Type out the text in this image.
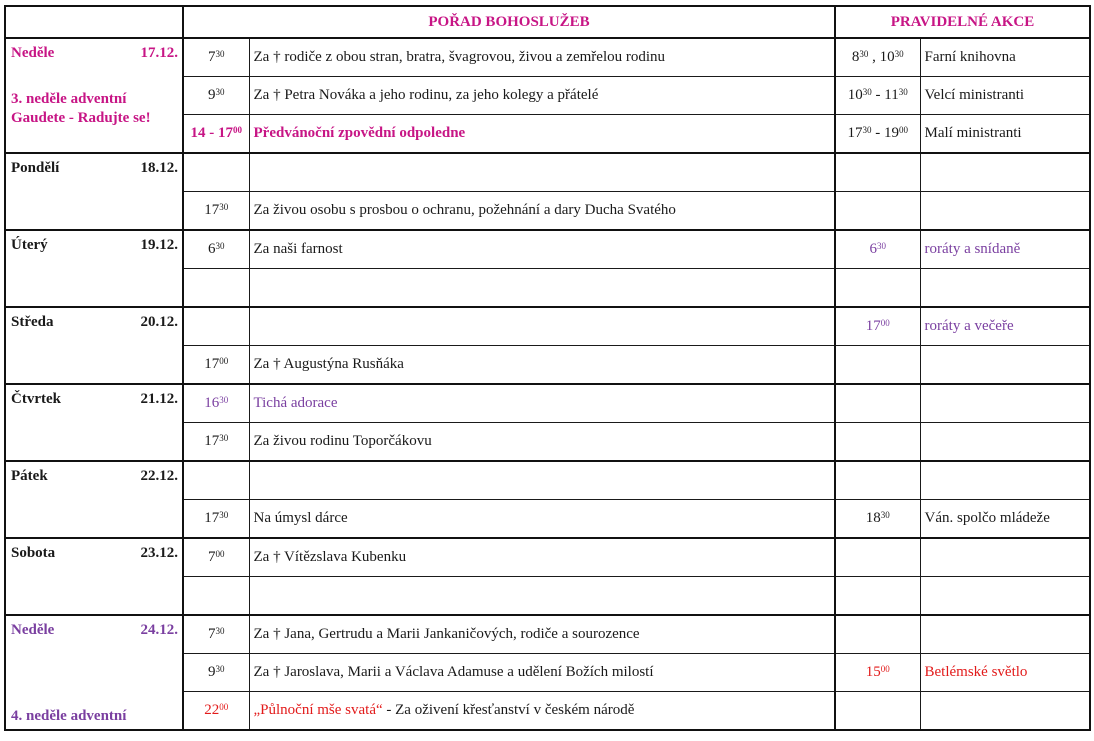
	POŘAD BOHOSLUŽEB		PRAVIDELNÉ AKCE	

Neděle 17.12.
3. neděle adventní
Gaudete - Radujte se!	$7^{30}$	Za † rodiče z obou stran, bratra, švagrovou, živou a zemřelou rodinu	$8^{30}$ , $10^{30}$	Farní knihovna
	$9^{30}$	Za † Petra Nováka a jeho rodinu, za jeho kolegy a přátelé	$10^{30} - 11^{30}$	Velcí ministranti
	$14 - 17^{00}$	Předvánoční zpovědní odpoledne	$17^{30} - 19^{00}$	Malí ministranti

Pondělí 18.12.				

	$17^{30}$	Za živou osobu s prosbou o ochranu, požehnání a dary Ducha Svatého		

Úterý 19.12.	$6^{30}$	Za naši farnost	$6^{30}$	roráty a snídaně

Středa 20.12.			$17^{00}$	roráty a večeře
	$17^{00}$	Za † Augustýna Rusňáka		

Čtvrtek 21.12.	$16^{30}$	Tichá adorace		
	$17^{30}$	Za živou rodinu Toporčákovu		

Pátek 22.12.				

	$17^{30}$	Na úmysl dárce	$18^{30}$	Ván. spolčo mládeže

Sobota 23.12.	$7^{00}$	Za † Vítězslava Kubenku		

Neděle 24.12.
4. neděle adventní	$7^{30}$	Za † Jana, Gertrudu a Marii Jankaničových, rodiče a sourozence		
	$9^{30}$	Za † Jaroslava, Marii a Václava Adamuse a udělení Božích milostí	$15^{00}$	Betlémské světlo
	$22^{00}$	„Půlnoční mše svatá“ - Za oživení křesťanství v českém národě		
